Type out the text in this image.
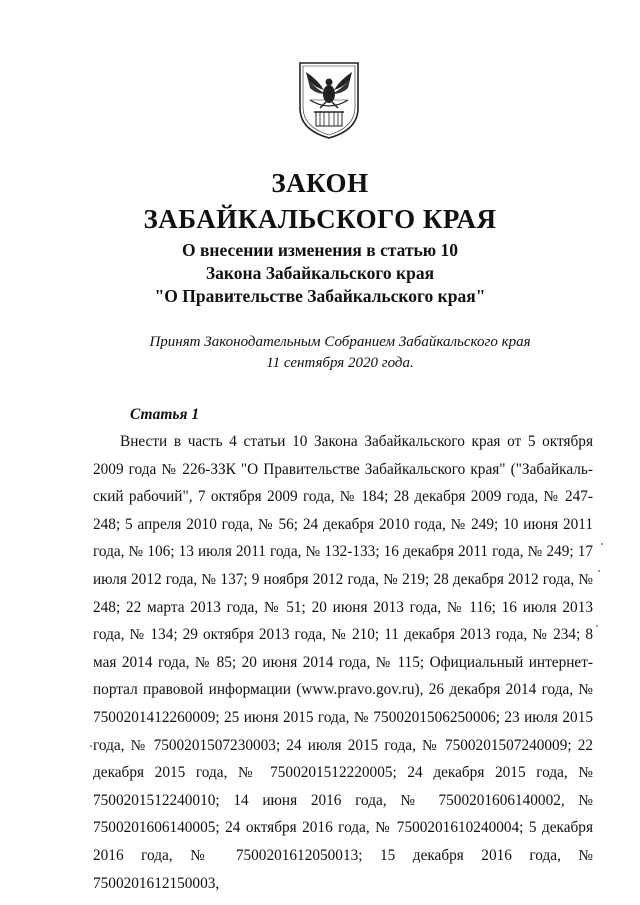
ЗАКОН
ЗАБАЙКАЛЬСКОГО КРАЯ
О внесении изменения в статью 10
Закона Забайкальского края
"О Правительстве Забайкальского края"
Принят Законодательным Собранием Забайкальского края
11 сентября 2020 года.
Статья 1
Внести в часть 4 статьи 10 Закона Забайкальского края от 5 октября 2009 года № 226-ЗЗК "О Правительстве Забайкальского края" ("Забайкальский рабочий", 7 октября 2009 года, № 184; 28 декабря 2009 года, № 247-248; 5 апреля 2010 года, № 56; 24 декабря 2010 года, № 249; 10 июня 2011 года, № 106; 13 июля 2011 года, № 132-133; 16 декабря 2011 года, № 249; 17 июля 2012 года, № 137; 9 ноября 2012 года, № 219; 28 декабря 2012 года, № 248; 22 марта 2013 года, № 51; 20 июня 2013 года, № 116; 16 июля 2013 года, № 134; 29 октября 2013 года, № 210; 11 декабря 2013 года, № 234; 8 мая 2014 года, № 85; 20 июня 2014 года, № 115; Официальный интернет-портал правовой информации (www.pravo.gov.ru), 26 декабря 2014 года, № 7500201412260009; 25 июня 2015 года, № 7500201506250006; 23 июля 2015 года, № 7500201507230003; 24 июля 2015 года, № 7500201507240009; 22 декабря 2015 года, № 7500201512220005; 24 декабря 2015 года, № 7500201512240010; 14 июня 2016 года, № 7500201606140002, № 7500201606140005; 24 октября 2016 года, № 7500201610240004; 5 декабря 2016 года, № 7500201612050013; 15 декабря 2016 года, № 7500201612150003,
